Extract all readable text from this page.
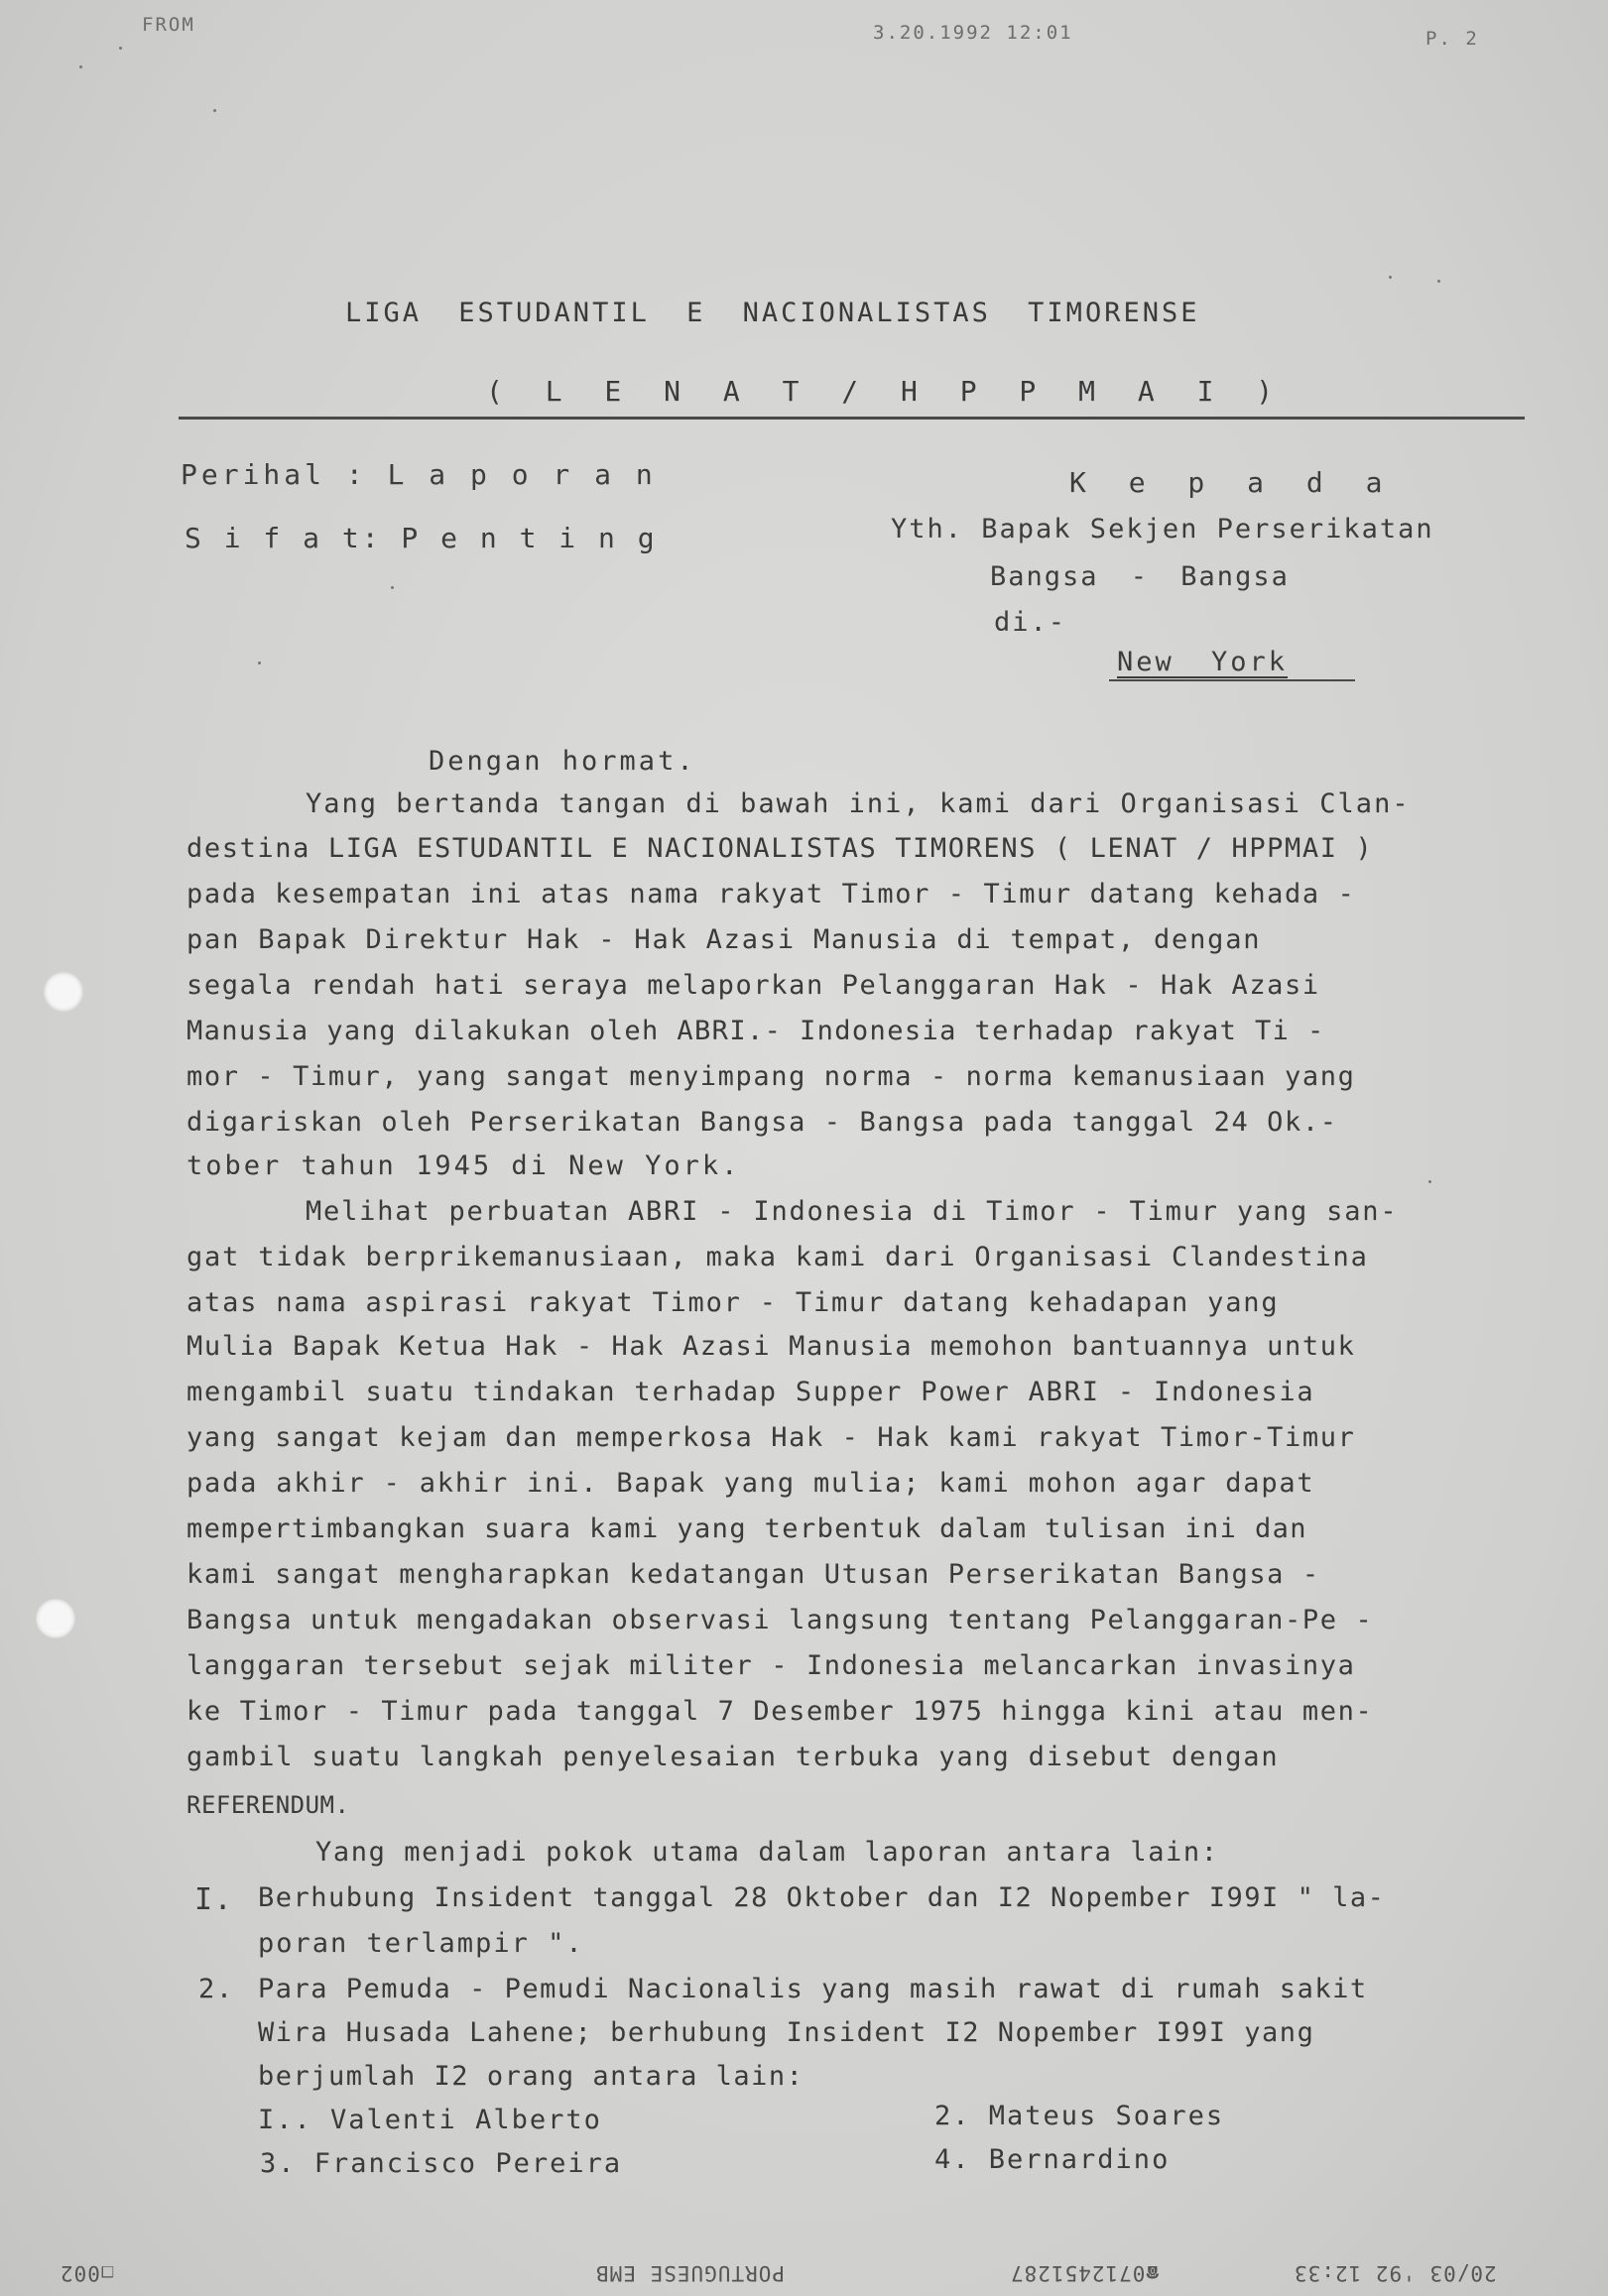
FROM	3.20.1992 12:01	P. 2
LIGA ESTUDANTIL E NACIONALISTAS TIMORENSE
( L E N A T / H P P M A I )
Perihal : L a p o r a n
S i f a t: P e n t i n g
K e p a d a
Yth. Bapak Sekjen Perserikatan
Bangsa - Bangsa
di.-
New York
Dengan hormat.
Yang bertanda tangan di bawah ini, kami dari Organisasi Clan-
destina LIGA ESTUDANTIL E NACIONALISTAS TIMORENS ( LENAT / HPPMAI )
pada kesempatan ini atas nama rakyat Timor - Timur datang kehada -
pan Bapak Direktur Hak - Hak Azasi Manusia di tempat, dengan
segala rendah hati seraya melaporkan Pelanggaran Hak - Hak Azasi
Manusia yang dilakukan oleh ABRI.- Indonesia terhadap rakyat Ti -
mor - Timur, yang sangat menyimpang norma - norma kemanusiaan yang
digariskan oleh Perserikatan Bangsa - Bangsa pada tanggal 24 Ok.-
tober tahun 1945 di New York.
Melihat perbuatan ABRI - Indonesia di Timor - Timur yang san-
gat tidak berprikemanusiaan, maka kami dari Organisasi Clandestina
atas nama aspirasi rakyat Timor - Timur datang kehadapan yang
Mulia Bapak Ketua Hak - Hak Azasi Manusia memohon bantuannya untuk
mengambil suatu tindakan terhadap Supper Power ABRI - Indonesia
yang sangat kejam dan memperkosa Hak - Hak kami rakyat Timor-Timur
pada akhir - akhir ini. Bapak yang mulia; kami mohon agar dapat
mempertimbangkan suara kami yang terbentuk dalam tulisan ini dan
kami sangat mengharapkan kedatangan Utusan Perserikatan Bangsa -
Bangsa untuk mengadakan observasi langsung tentang Pelanggaran-Pe -
langgaran tersebut sejak militer - Indonesia melancarkan invasinya
ke Timor - Timur pada tanggal 7 Desember 1975 hingga kini atau men-
gambil suatu langkah penyelesaian terbuka yang disebut dengan
REFERENDUM.
Yang menjadi pokok utama dalam laporan antara lain:
I. Berhubung Insident tanggal 28 Oktober dan I2 Nopember I99I " la-
poran terlampir ".
2. Para Pemuda - Pemudi Nacionalis yang masih rawat di rumah sakit
Wira Husada Lahene; berhubung Insident I2 Nopember I99I yang
berjumlah I2 orang antara lain:
I.. Valenti Alberto	2. Mateus Soares
3. Francisco Pereira	4. Bernardino
20/03 '92 12:33
☎0712451287
PORTUGUESE EMB
❒002
